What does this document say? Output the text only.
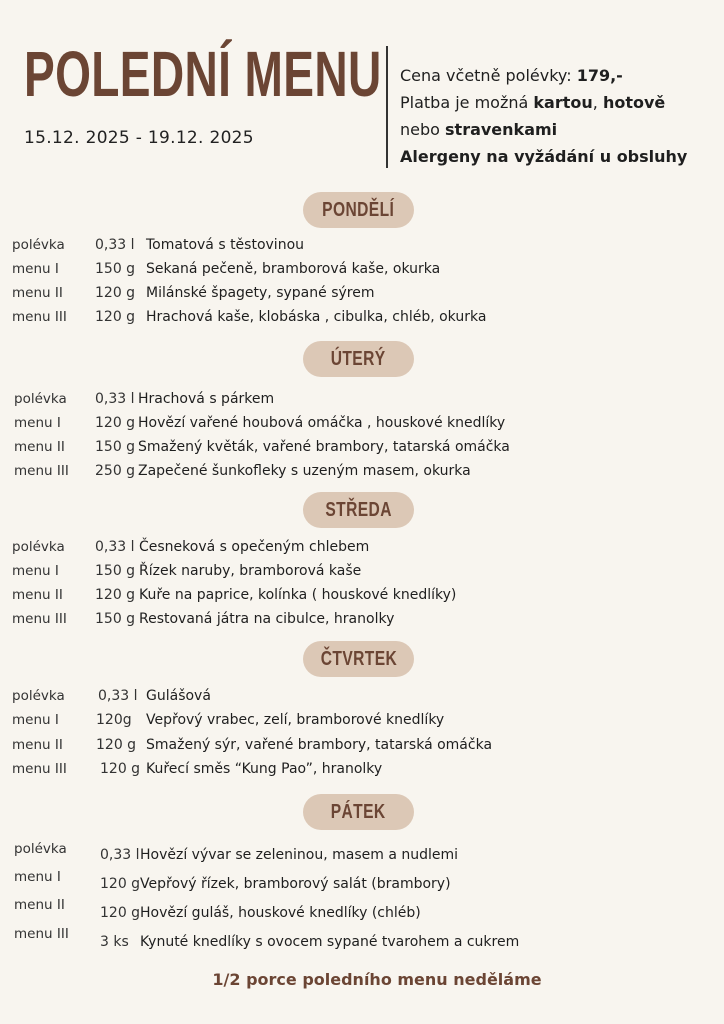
POLEDNÍ MENU
15.12. 2025 - 19.12. 2025
Cena včetně polévky: 179,-
Platba je možná kartou, hotově
nebo stravenkami
Alergeny na vyžádání u obsluhy
PONDĚLÍ
polévka 0,33 l Tomatová s těstovinou
menu I	150 g Sekaná pečeně, bramborová kaše, okurka
menu II 120 g Milánské špagety, sypané sýrem
menu III 120 g Hrachová kaše, klobáska , cibulka, chléb, okurka
ÚTERÝ
polévka 0,33 l Hrachová s párkem
menu I 120 g Hovězí vařené houbová omáčka , houskové knedlíky
menu II 150 g Smažený květák, vařené brambory, tatarská omáčka
menu III 250 g Zapečené šunkofleky s uzeným masem, okurka
STŘEDA
polévka 0,33 l Česneková s opečeným chlebem
menu I	150 g Řízek naruby, bramborová kaše
menu II 120 g Kuře na paprice, kolínka ( houskové knedlíky)
menu III 150 g Restovaná játra na cibulce, hranolky
ČTVRTEK
polévka 0,33 l Gulášová
menu I	120g Vepřový vrabec, zelí, bramborové knedlíky
menu II 120 g Smažený sýr, vařené brambory, tatarská omáčka
menu III 120 g Kuřecí směs “Kung Pao”, hranolky
PÁTEK
polévka 0,33 l Hovězí vývar se zeleninou, masem a nudlemi
menu I	120 g Vepřový řízek, bramborový salát (brambory)
menu II	120 g Hovězí guláš, houskové knedlíky (chléb)
menu III 3 ks Kynuté knedlíky s ovocem sypané tvarohem a cukrem
1/2 porce poledního menu neděláme
